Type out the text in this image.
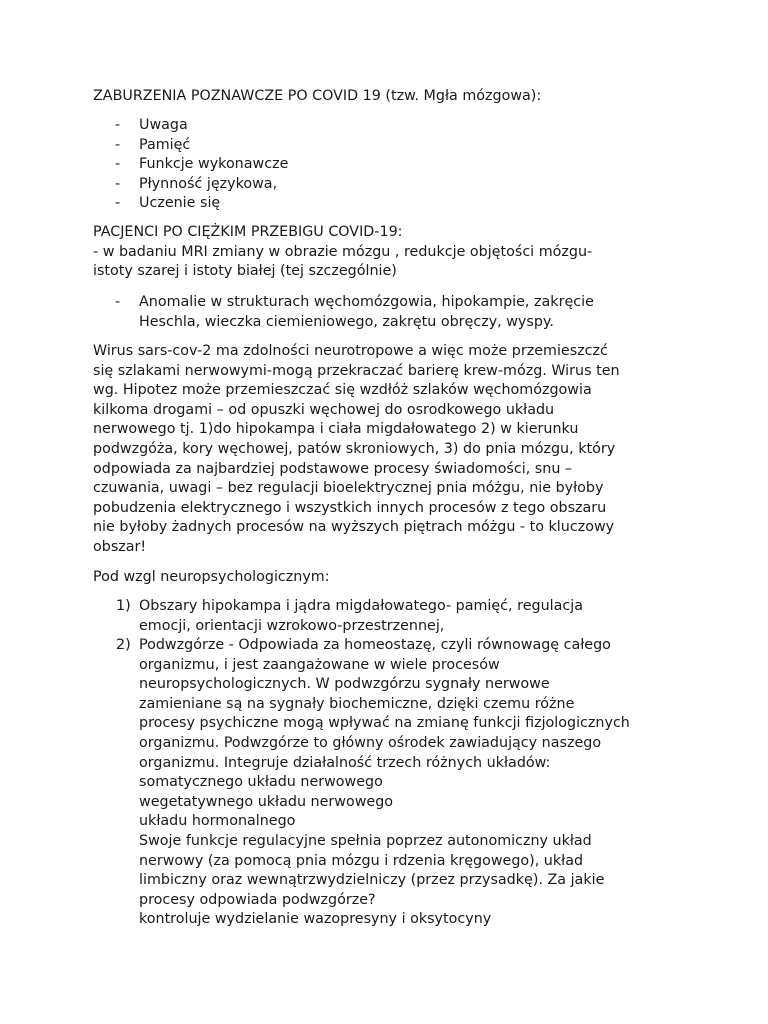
ZABURZENIA POZNAWCZE PO COVID 19 (tzw. Mgła mózgowa):

- Uwaga
- Pamięć
- Funkcje wykonawcze
- Płynność językowa,
- Uczenie się
PACJENCI PO CIĘŻKIM PRZEBIGU COVID-19:
- w badaniu MRI zmiany w obrazie mózgu , redukcje objętości mózgu-
istoty szarej i istoty białej (tej szczególnie)
- Anomalie w strukturach węchomózgowia, hipokampie, zakręcie
Heschla, wieczka ciemieniowego, zakrętu obręczy, wyspy.
Wirus sars-cov-2 ma zdolności neurotropowe a więc może przemieszczć
się szlakami nerwowymi-mogą przekraczać barierę krew-mózg. Wirus ten
wg. Hipotez może przemieszczać się wzdłóż szlaków węchomózgowia
kilkoma drogami – od opuszki węchowej do osrodkowego układu
nerwowego tj. 1)do hipokampa i ciała migdałowatego 2) w kierunku
podwzgóża, kory węchowej, patów skroniowych, 3) do pnia mózgu, który
odpowiada za najbardziej podstawowe procesy świadomości, snu –
czuwania, uwagi – bez regulacji bioelektrycznej pnia móżgu, nie byłoby
pobudzenia elektrycznego i wszystkich innych procesów z tego obszaru
nie byłoby żadnych procesów na wyższych piętrach móżgu - to kluczowy
obszar!

Pod wzgl neuropsychologicznym:

1) Obszary hipokampa i jądra migdałowatego- pamięć, regulacja
emocji, orientacji wzrokowo-przestrzennej,
2) Podwzgórze - Odpowiada za homeostazę, czyli równowagę całego
organizmu, i jest zaangażowane w wiele procesów
neuropsychologicznych. W podwzgórzu sygnały nerwowe
zamieniane są na sygnały biochemiczne, dzięki czemu różne
procesy psychiczne mogą wpływać na zmianę funkcji fizjologicznych
organizmu. Podwzgórze to główny ośrodek zawiadujący naszego
organizmu. Integruje działalność trzech różnych układów:
somatycznego układu nerwowego
wegetatywnego układu nerwowego
układu hormonalnego
Swoje funkcje regulacyjne spełnia poprzez autonomiczny układ
nerwowy (za pomocą pnia mózgu i rdzenia kręgowego), układ
limbiczny oraz wewnątrzwydzielniczy (przez przysadkę). Za jakie
procesy odpowiada podwzgórze?
kontroluje wydzielanie wazopresyny i oksytocyny
